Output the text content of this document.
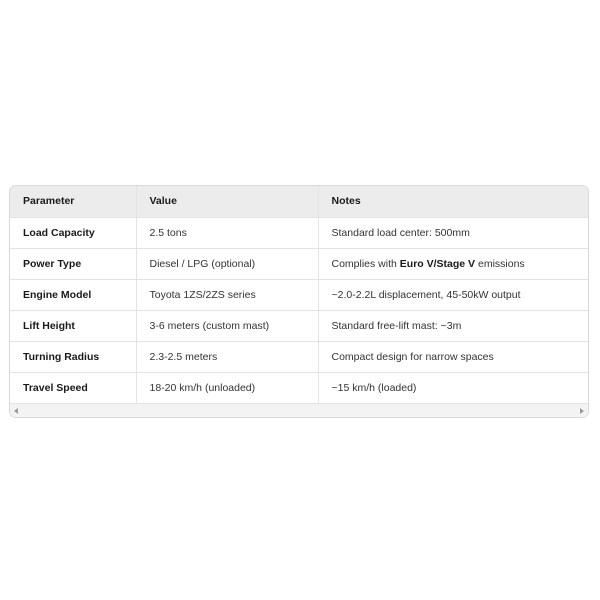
Parameter	Value	Notes
Load Capacity	2.5 tons	Standard load center: 500mm
Power Type	Diesel / LPG (optional)	Complies with Euro V/Stage V emissions
Engine Model	Toyota 1ZS/2ZS series	~2.0-2.2L displacement, 45-50kW output
Lift Height	3-6 meters (custom mast)	Standard free-lift mast: ~3m
Turning Radius	2.3-2.5 meters	Compact design for narrow spaces
Travel Speed	18-20 km/h (unloaded)	~15 km/h (loaded)
